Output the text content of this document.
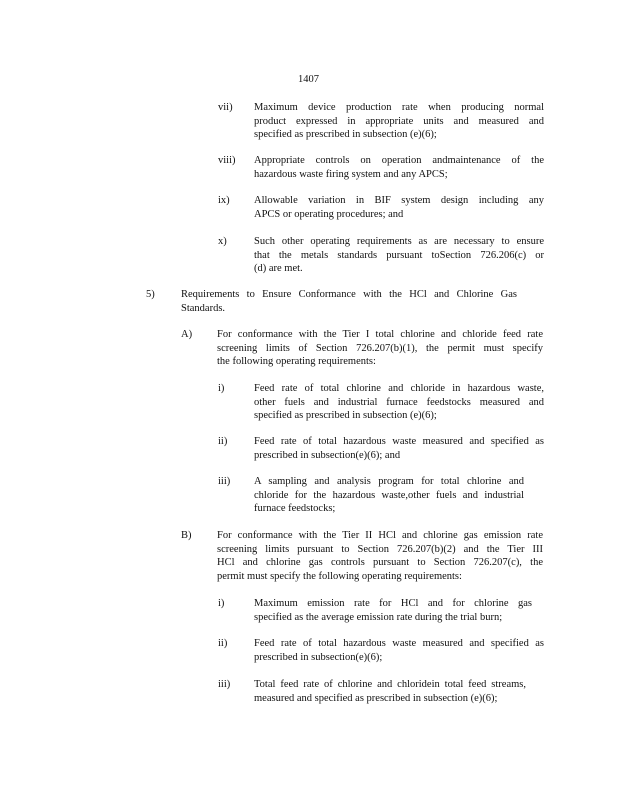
1407
vii) Maximum device production rate when producing normal
product expressed in appropriate units and measured and
specified as prescribed in subsection (e)(6);
viii) Appropriate controls on operation andmaintenance of the
hazardous waste firing system and any APCS;
ix) Allowable variation in BIF system design including any
APCS or operating procedures; and
x)	Such other operating requirements as are necessary to ensure
that the metals standards pursuant toSection 726.206(c) or
(d) are met.
5)	Requirements to Ensure Conformance with the HCl and Chlorine Gas
Standards.
A) For conformance with the Tier I total chlorine and chloride feed rate
screening limits of Section 726.207(b)(1), the permit must specify
the following operating requirements:
i)	Feed rate of total chlorine and chloride in hazardous waste,
other fuels and industrial furnace feedstocks measured and
specified as prescribed in subsection (e)(6);
ii)	Feed rate of total hazardous waste measured and specified as
prescribed in subsection(e)(6); and
iii) A sampling and analysis program for total chlorine and
chloride for the hazardous waste,other fuels and industrial
furnace feedstocks;
B) For conformance with the Tier II HCl and chlorine gas emission rate
screening limits pursuant to Section 726.207(b)(2) and the Tier III
HCl and chlorine gas controls pursuant to Section 726.207(c), the
permit must specify the following operating requirements:
i)	Maximum emission rate for HCl and for chlorine gas
specified as the average emission rate during the trial burn;
ii)	Feed rate of total hazardous waste measured and specified as
prescribed in subsection(e)(6);
iii) Total feed rate of chlorine and chloridein total feed streams,
measured and specified as prescribed in subsection (e)(6);
